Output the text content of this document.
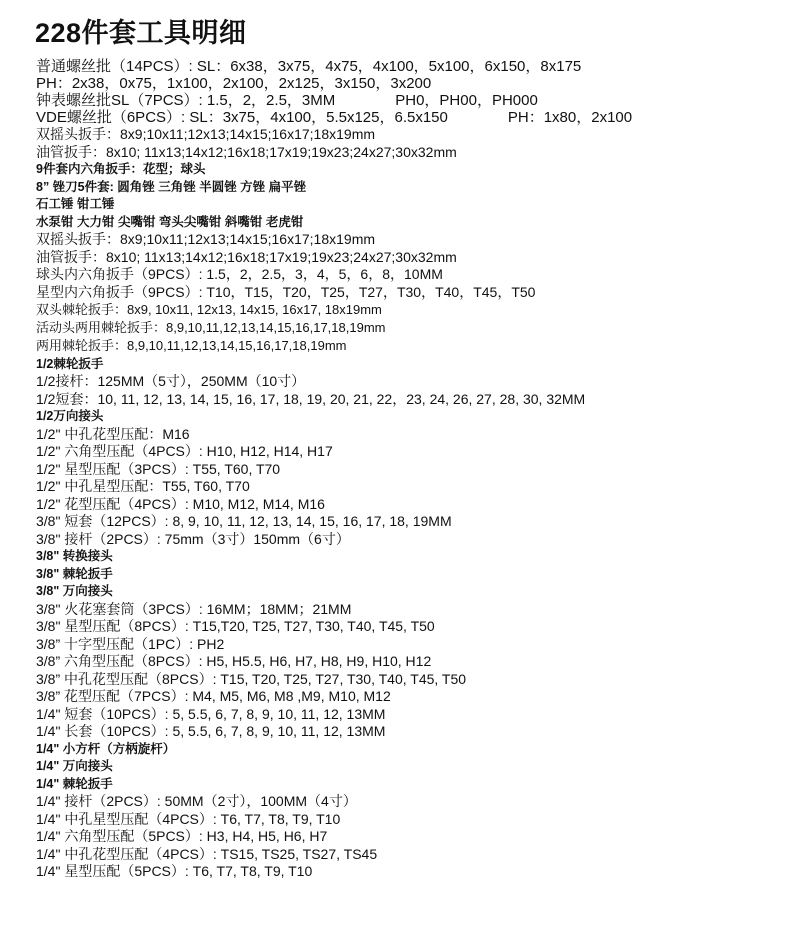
228件套工具明细
普通螺丝批（14PCS）: SL：6x38，3x75，4x75，4x100，5x100，6x150，8x175
PH：2x38，0x75，1x100，2x100，2x125，3x150，3x200
钟表螺丝批SL（7PCS）: 1.5，2，2.5，3MM	PH0，PH00，PH000
VDE螺丝批（6PCS）: SL：3x75，4x100，5.5x125，6.5x150	PH：1x80，2x100
双摇头扳手：8x9;10x11;12x13;14x15;16x17;18x19mm
油管扳手：8x10; 11x13;14x12;16x18;17x19;19x23;24x27;30x32mm
9件套内六角扳手：花型；球头
8” 锉刀5件套: 圆角锉 三角锉 半圆锉 方锉 扁平锉
石工锤 钳工锤
水泵钳 大力钳 尖嘴钳 弯头尖嘴钳 斜嘴钳 老虎钳
双摇头扳手：8x9;10x11;12x13;14x15;16x17;18x19mm
油管扳手：8x10; 11x13;14x12;16x18;17x19;19x23;24x27;30x32mm
球头内六角扳手（9PCS）: 1.5，2，2.5，3，4，5，6，8，10MM
星型内六角扳手（9PCS）: T10，T15，T20，T25，T27，T30，T40，T45，T50
双头棘轮扳手：8x9, 10x11, 12x13, 14x15, 16x17, 18x19mm
活动头两用棘轮扳手：8,9,10,11,12,13,14,15,16,17,18,19mm
两用棘轮扳手：8,9,10,11,12,13,14,15,16,17,18,19mm
1/2棘轮扳手
1/2接杆：125MM（5寸），250MM（10寸）
1/2短套：10, 11, 12, 13, 14, 15, 16, 17, 18, 19, 20, 21, 22，23, 24, 26, 27, 28, 30, 32MM
1/2万向接头
1/2" 中孔花型压配：M16
1/2" 六角型压配（4PCS）: H10, H12, H14, H17
1/2" 星型压配（3PCS）: T55, T60, T70
1/2" 中孔星型压配：T55, T60, T70
1/2" 花型压配（4PCS）: M10, M12, M14, M16
3/8" 短套（12PCS）: 8, 9, 10, 11, 12, 13, 14, 15, 16, 17, 18, 19MM
3/8" 接杆（2PCS）: 75mm（3寸）150mm（6寸）
3/8" 转换接头
3/8" 棘轮扳手
3/8" 万向接头
3/8" 火花塞套筒（3PCS）: 16MM；18MM；21MM
3/8" 星型压配（8PCS）: T15,T20, T25, T27, T30, T40, T45, T50
3/8” 十字型压配（1PC）: PH2
3/8” 六角型压配（8PCS）: H5, H5.5, H6, H7, H8, H9, H10, H12
3/8” 中孔花型压配（8PCS）: T15, T20, T25, T27, T30, T40, T45, T50
3/8” 花型压配（7PCS）: M4, M5, M6, M8 ,M9, M10, M12
1/4" 短套（10PCS）: 5, 5.5, 6, 7, 8, 9, 10, 11, 12, 13MM
1/4" 长套（10PCS）: 5, 5.5, 6, 7, 8, 9, 10, 11, 12, 13MM
1/4" 小方杆（方柄旋杆）
1/4" 万向接头
1/4" 棘轮扳手
1/4" 接杆（2PCS）: 50MM（2寸），100MM（4寸）
1/4" 中孔星型压配（4PCS）: T6, T7, T8, T9, T10
1/4" 六角型压配（5PCS）: H3, H4, H5, H6, H7
1/4" 中孔花型压配（4PCS）: TS15, TS25, TS27, TS45
1/4" 星型压配（5PCS）: T6, T7, T8, T9, T10
